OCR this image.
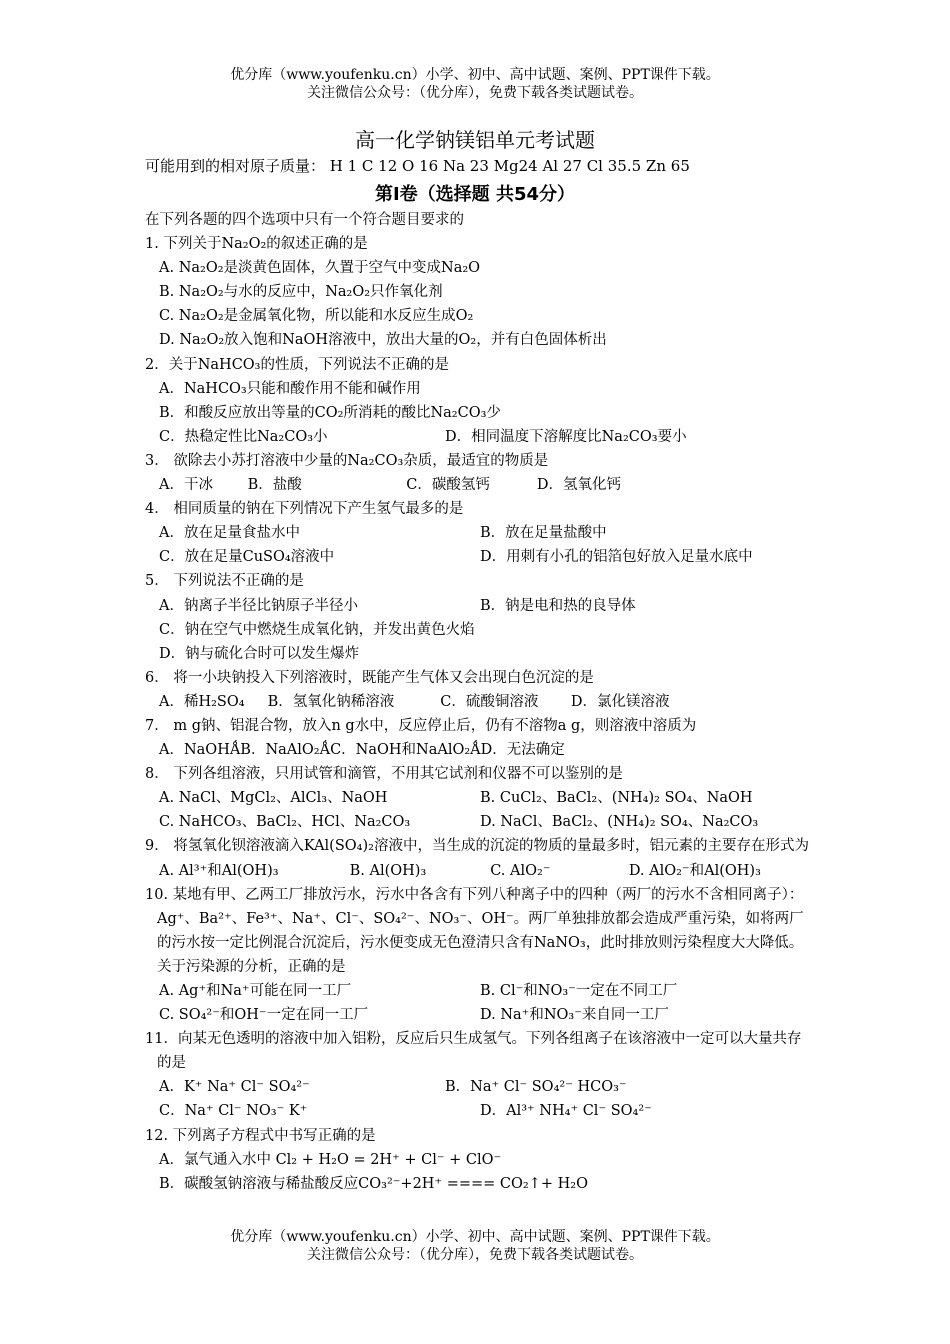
优分库（www.youfenku.cn）小学、初中、高中试题、案例、PPT课件下载。
关注微信公众号：（优分库），免费下载各类试题试卷。
高一化学钠镁铝单元考试题
可能用到的相对原子质量： H 1 C 12 O 16 Na 23 Mg24 Al 27 Cl 35.5 Zn 65
第Ⅰ卷（选择题 共54分）
在下列各题的四个选项中只有一个符合题目要求的
1. 下列关于Na₂O₂的叙述正确的是
A. Na₂O₂是淡黄色固体，久置于空气中变成Na₂O
B. Na₂O₂与水的反应中，Na₂O₂只作氧化剂
C. Na₂O₂是金属氧化物，所以能和水反应生成O₂
D. Na₂O₂放入饱和NaOH溶液中，放出大量的O₂，并有白色固体析出
2．关于NaHCO₃的性质，下列说法不正确的是
A．NaHCO₃只能和酸作用不能和碱作用
B．和酸反应放出等量的CO₂所消耗的酸比Na₂CO₃少
C．热稳定性比Na₂CO₃小	D．相同温度下溶解度比Na₂CO₃要小
3． 欲除去小苏打溶液中少量的Na₂CO₃杂质，最适宜的物质是
A．干冰 B．盐酸	C．碳酸氢钙	D．氢氧化钙
4． 相同质量的钠在下列情况下产生氢气最多的是
A．放在足量食盐水中	B．放在足量盐酸中
C．放在足量CuSO₄溶液中	D．用刺有小孔的铝箔包好放入足量水底中
5． 下列说法不正确的是
A．钠离子半径比钠原子半径小	B．钠是电和热的良导体
C．钠在空气中燃烧生成氧化钠，并发出黄色火焰
D．钠与硫化合时可以发生爆炸
6． 将一小块钠投入下列溶液时，既能产生气体又会出现白色沉淀的是
A．稀H₂SO₄ B．氢氧化钠稀溶液	C．硫酸铜溶液 D．氯化镁溶液
7． m g钠、铝混合物，放入n g水中，反应停止后，仍有不溶物a g，则溶液中溶质为
A．NaOHǺB．NaAlO₂ǺC．NaOH和NaAlO₂ǺD．无法确定
8． 下列各组溶液，只用试管和滴管，不用其它试剂和仪器不可以鉴别的是
A. NaCl、MgCl₂、AlCl₃、NaOH	B. CuCl₂、BaCl₂、(NH₄)₂ SO₄、NaOH
C. NaHCO₃、BaCl₂、HCl、Na₂CO₃	D. NaCl、BaCl₂、(NH₄)₂ SO₄、Na₂CO₃
9． 将氢氧化钡溶液滴入KAl(SO₄)₂溶液中，当生成的沉淀的物质的量最多时，铝元素的主要存在形式为
A. Al³⁺和Al(OH)₃	B. Al(OH)₃	C. AlO₂⁻	D. AlO₂⁻和Al(OH)₃
10. 某地有甲、乙两工厂排放污水，污水中各含有下列八种离子中的四种（两厂的污水不含相同离子）：Ag⁺、Ba²⁺、Fe³⁺、Na⁺、Cl⁻、SO₄²⁻、NO₃⁻、OH⁻。两厂单独排放都会造成严重污染，如将两厂的污水按一定比例混合沉淀后，污水便变成无色澄清只含有NaNO₃，此时排放则污染程度大大降低。关于污染源的分析，正确的是
A. Ag⁺和Na⁺可能在同一工厂	B. Cl⁻和NO₃⁻一定在不同工厂
C. SO₄²⁻和OH⁻一定在同一工厂	D. Na⁺和NO₃⁻来自同一工厂
11．向某无色透明的溶液中加入铝粉，反应后只生成氢气。下列各组离子在该溶液中一定可以大量共存的是
A．K⁺ Na⁺ Cl⁻ SO₄²⁻	B．Na⁺ Cl⁻ SO₄²⁻ HCO₃⁻
C．Na⁺ Cl⁻ NO₃⁻ K⁺	D．Al³⁺ NH₄⁺ Cl⁻ SO₄²⁻
12. 下列离子方程式中书写正确的是
A．氯气通入水中 Cl₂ + H₂O = 2H⁺ + Cl⁻ + ClO⁻
B．碳酸氢钠溶液与稀盐酸反应CO₃²⁻+2H⁺ ==== CO₂↑+ H₂O
优分库（www.youfenku.cn）小学、初中、高中试题、案例、PPT课件下载。
关注微信公众号：（优分库），免费下载各类试题试卷。
